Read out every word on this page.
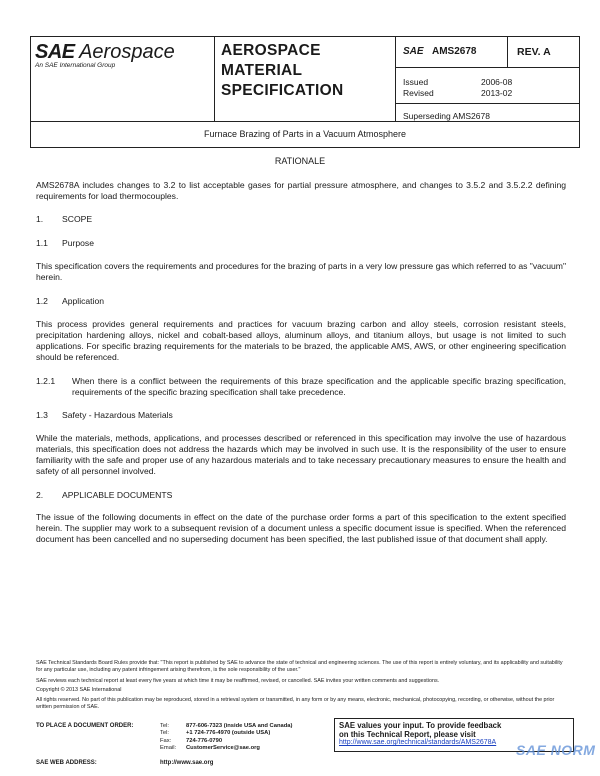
SAE Aerospace
An SAE International Group
AEROSPACE
MATERIAL
SPECIFICATION
SAE AMS2678	REV. A
Issued	2006-08
Revised	2013-02
Superseding AMS2678
Furnace Brazing of Parts in a Vacuum Atmosphere
RATIONALE
AMS2678A includes changes to 3.2 to list acceptable gases for partial pressure atmosphere, and changes to 3.5.2 and 3.5.2.2 defining requirements for load thermocouples.
1. SCOPE
1.1 Purpose
This specification covers the requirements and procedures for the brazing of parts in a very low pressure gas which referred to as "vacuum" herein.
1.2 Application
This process provides general requirements and practices for vacuum brazing carbon and alloy steels, corrosion resistant steels, precipitation hardening alloys, nickel and cobalt-based alloys, aluminum alloys, and titanium alloys, but usage is not limited to such applications. For specific brazing requirements for the materials to be brazed, the applicable AMS, AWS, or other engineering specification should be referenced.
1.2.1 When there is a conflict between the requirements of this braze specification and the applicable specific brazing specification, requirements of the specific brazing specification shall take precedence.
1.3 Safety - Hazardous Materials
While the materials, methods, applications, and processes described or referenced in this specification may involve the use of hazardous materials, this specification does not address the hazards which may be involved in such use. It is the responsibility of the user to ensure familiarity with the safe and proper use of any hazardous materials and to take necessary precautionary measures to ensure the health and safety of all personnel involved.
2. APPLICABLE DOCUMENTS
The issue of the following documents in effect on the date of the purchase order forms a part of this specification to the extent specified herein. The supplier may work to a subsequent revision of a document unless a specific document issue is specified. When the referenced document has been cancelled and no superseding document has been specified, the last published issue of that document shall apply.
SAE Technical Standards Board Rules provide that: "This report is published by SAE to advance the state of technical and engineering sciences. The use of this report is entirely voluntary, and its applicability and suitability for any particular use, including any patent infringement arising therefrom, is the sole responsibility of the user."
SAE reviews each technical report at least every five years at which time it may be reaffirmed, revised, or cancelled. SAE invites your written comments and suggestions.
Copyright © 2013 SAE International
All rights reserved. No part of this publication may be reproduced, stored in a retrieval system or transmitted, in any form or by any means, electronic, mechanical, photocopying, recording, or otherwise, without the prior written permission of SAE.
TO PLACE A DOCUMENT ORDER:	Tel:	877-606-7323 (inside USA and Canada)
Tel:	+1 724-776-4970 (outside USA)
Fax:	724-776-0790
Email:	CustomerService@sae.org
SAE WEB ADDRESS:	http://www.sae.org
SAE values your input. To provide feedback
on this Technical Report, please visit
http://www.sae.org/technical/standards/AMS2678A	SAE NORM
